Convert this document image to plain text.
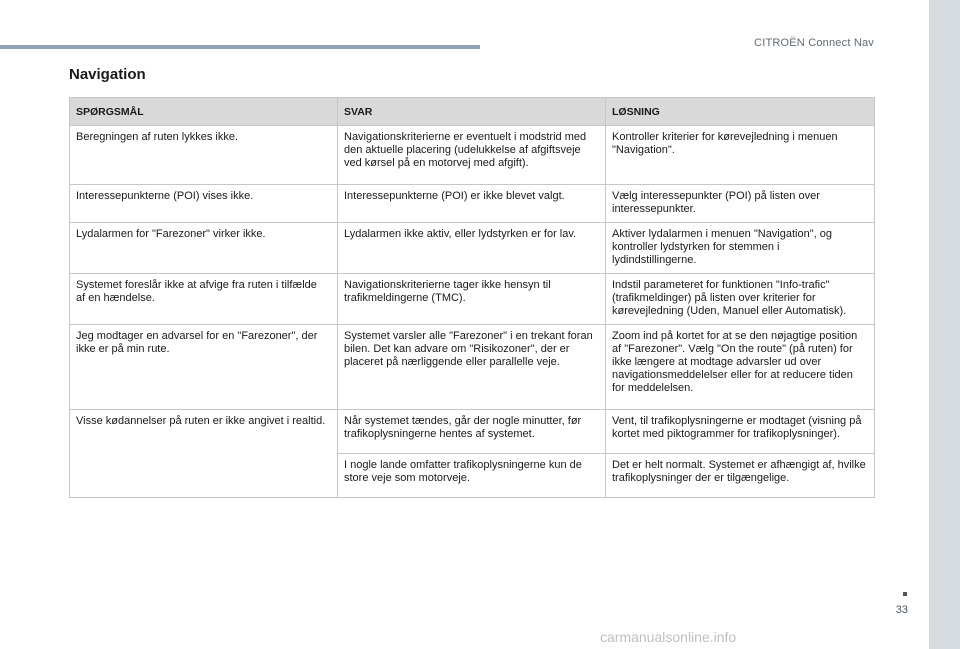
CITROËN Connect Nav
Navigation
SPØRGSMÅL	SVAR	LØSNING
Beregningen af ruten lykkes ikke.	Navigationskriterierne er eventuelt i modstrid med den aktuelle placering (udelukkelse af afgiftsveje ved kørsel på en motorvej med afgift).	Kontroller kriterier for kørevejledning i menuen "Navigation".
Interessepunkterne (POI) vises ikke.	Interessepunkterne (POI) er ikke blevet valgt.	Vælg interessepunkter (POI) på listen over interessepunkter.
Lydalarmen for "Farezoner" virker ikke.	Lydalarmen ikke aktiv, eller lydstyrken er for lav.	Aktiver lydalarmen i menuen "Navigation", og kontroller lydstyrken for stemmen i lydindstillingerne.
Systemet foreslår ikke at afvige fra ruten i tilfælde af en hændelse.	Navigationskriterierne tager ikke hensyn til trafikmeldingerne (TMC).	Indstil parameteret for funktionen "Info-trafic" (trafikmeldinger) på listen over kriterier for kørevejledning (Uden, Manuel eller Automatisk).
Jeg modtager en advarsel for en "Farezoner", der ikke er på min rute.	Systemet varsler alle "Farezoner" i en trekant foran bilen. Det kan advare om "Risikozoner", der er placeret på nærliggende eller parallelle veje.	Zoom ind på kortet for at se den nøjagtige position af "Farezoner". Vælg "On the route" (på ruten) for ikke længere at modtage advarsler ud over navigationsmeddelelser eller for at reducere tiden for meddelelsen.
Visse kødannelser på ruten er ikke angivet i realtid.	Når systemet tændes, går der nogle minutter, før trafikoplysningerne hentes af systemet.	Vent, til trafikoplysningerne er modtaget (visning på kortet med piktogrammer for trafikoplysninger).
	I nogle lande omfatter trafikoplysningerne kun de store veje som motorveje.	Det er helt normalt. Systemet er afhængigt af, hvilke trafikoplysninger der er tilgængelige.
33
carmanualsonline.info
